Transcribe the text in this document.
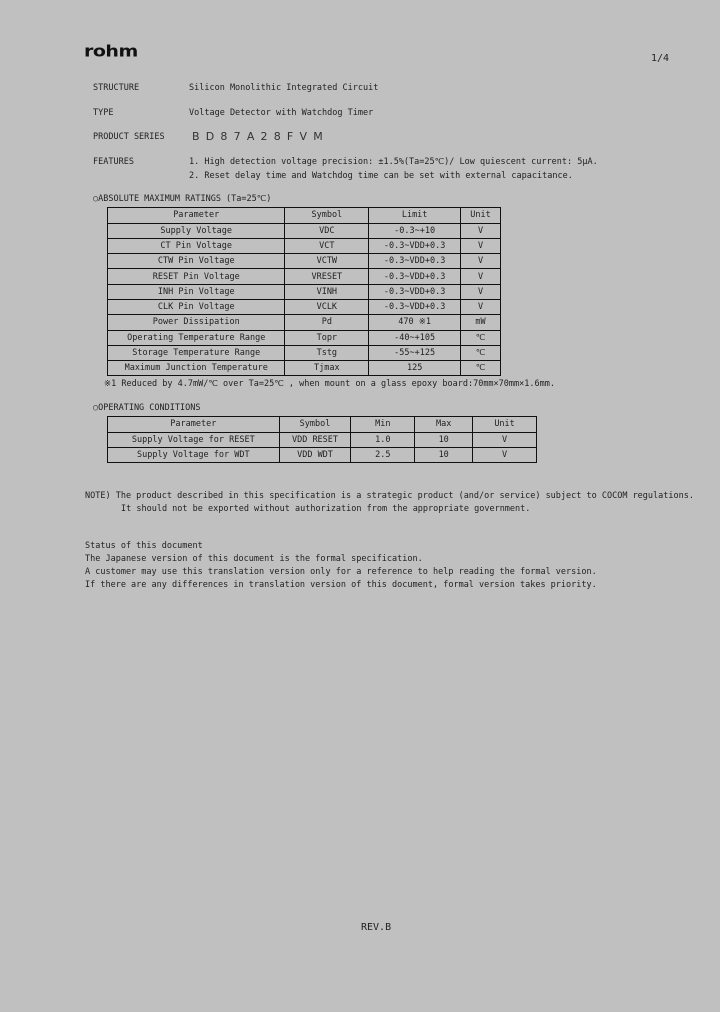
rohm	1/4
STRUCTURE	Silicon Monolithic Integrated Circuit
TYPE	Voltage Detector with Watchdog Timer
PRODUCT SERIES BD87A28FVM
FEATURES	1. High detection voltage precision: ±1.5%(Ta=25℃)/ Low quiescent current: 5μA.
2. Reset delay time and Watchdog time can be set with external capacitance.
○ABSOLUTE MAXIMUM RATINGS (Ta=25℃)
Parameter	Symbol	Limit	Unit
Supply Voltage	VDC	-0.3~+10	V
CT Pin Voltage	VCT	-0.3~VDD+0.3	V
CTW Pin Voltage	VCTW	-0.3~VDD+0.3	V
RESET Pin Voltage	VRESET	-0.3~VDD+0.3	V
INH Pin Voltage	VINH	-0.3~VDD+0.3	V
CLK Pin Voltage	VCLK	-0.3~VDD+0.3	V
Power Dissipation	Pd	470 ※1	mW
Operating Temperature Range	Topr	-40~+105	℃
Storage Temperature Range	Tstg	-55~+125	℃
Maximum Junction Temperature	Tjmax	125	℃
※1 Reduced by 4.7mW/℃ over Ta=25℃ , when mount on a glass epoxy board:70mm×70mm×1.6mm.
○OPERATING CONDITIONS
Parameter	Symbol	Min	Max	Unit
Supply Voltage for RESET	VDD RESET	1.0	10	V
Supply Voltage for WDT	VDD WDT	2.5	10	V
NOTE) The product described in this specification is a strategic product (and/or service) subject to COCOM regulations.
It should not be exported without authorization from the appropriate government.
Status of this document
The Japanese version of this document is the formal specification.
A customer may use this translation version only for a reference to help reading the formal version.
If there are any differences in translation version of this document, formal version takes priority.
REV.B
